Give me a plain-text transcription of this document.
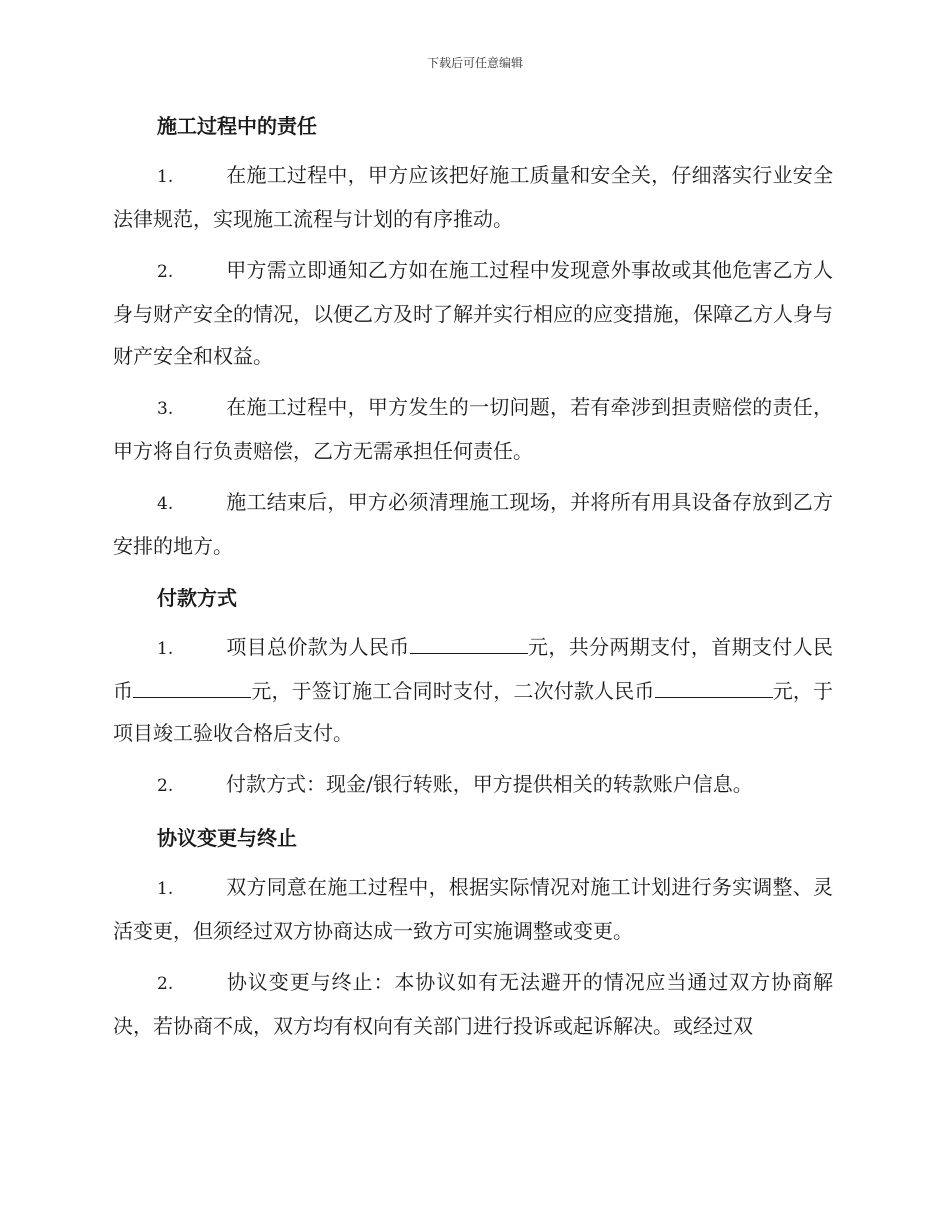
下载后可任意编辑
施工过程中的责任

1.	在施工过程中，甲方应该把好施工质量和安全关，仔细落实行业安全法律规范，实现施工流程与计划的有序推动。

2.	甲方需立即通知乙方如在施工过程中发现意外事故或其他危害乙方人身与财产安全的情况，以便乙方及时了解并实行相应的应变措施，保障乙方人身与财产安全和权益。

3.	在施工过程中，甲方发生的一切问题，若有牵涉到担责赔偿的责任，甲方将自行负责赔偿，乙方无需承担任何责任。

4.	施工结束后，甲方必须清理施工现场，并将所有用具设备存放到乙方安排的地方。

付款方式

1.	项目总价款为人民币	元，共分两期支付，首期支付人民币	元，于签订施工合同时支付，二次付款人民币	元，于项目竣工验收合格后支付。

2.	付款方式：现金/银行转账，甲方提供相关的转款账户信息。

协议变更与终止

1.	双方同意在施工过程中，根据实际情况对施工计划进行务实调整、灵活变更，但须经过双方协商达成一致方可实施调整或变更。

2.	协议变更与终止：本协议如有无法避开的情况应当通过双方协商解决，若协商不成，双方均有权向有关部门进行投诉或起诉解决。或经过双
